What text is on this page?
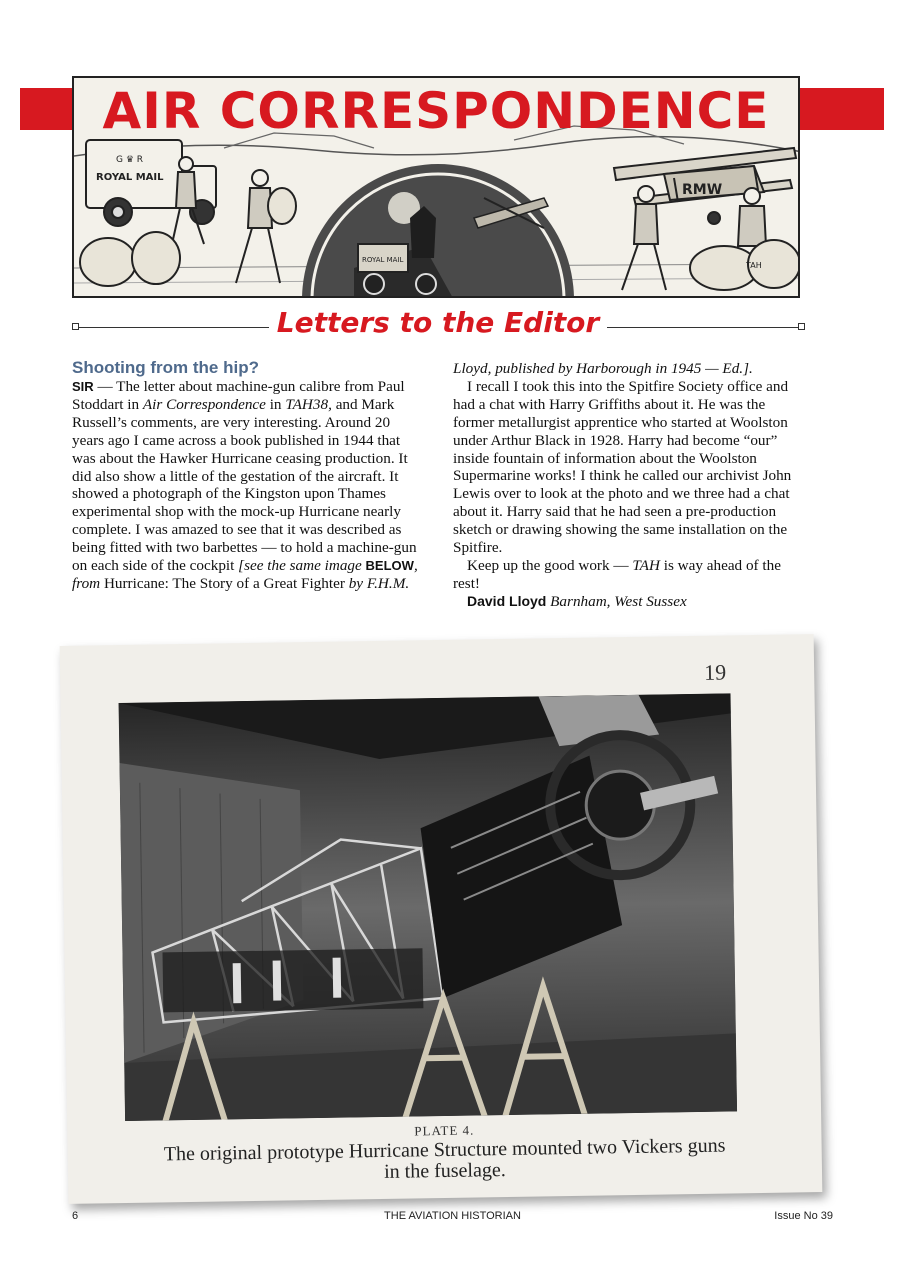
G ♛ R
ROYAL MAIL
ROYAL MAIL
RMW
TAH
AIR CORRESPONDENCE
Letters to the Editor

Shooting from the hip?

SIR — The letter about machine-gun calibre from Paul Stoddart in Air Correspondence in TAH38, and Mark Russell’s comments, are very interesting. Around 20 years ago I came across a book published in 1944 that was about the Hawker Hurricane ceasing production. It did also show a little of the gestation of the aircraft. It showed a photograph of the Kingston upon Thames experimental shop with the mock-up Hurricane nearly complete. I was amazed to see that it was described as being fitted with two barbettes — to hold a machine-gun on each side of the cockpit [see the same image BELOW, from Hurricane: The Story of a Great Fighter by F.H.M.

Lloyd, published by Harborough in 1945 — Ed.].

I recall I took this into the Spitfire Society office and had a chat with Harry Griffiths about it. He was the former metallurgist apprentice who started at Woolston under Arthur Black in 1928. Harry had become “our” inside fountain of information about the Woolston Supermarine works! I think he called our archivist John Lewis over to look at the photo and we three had a chat about it. Harry said that he had seen a pre-production sketch or drawing showing the same installation on the Spitfire.

Keep up the good work — TAH is way ahead of the rest!

David Lloyd Barnham, West Sussex

19
PLATE 4.
The original prototype Hurricane Structure mounted two Vickers guns
in the fuselage.
6	THE AVIATION HISTORIAN	Issue No 39
